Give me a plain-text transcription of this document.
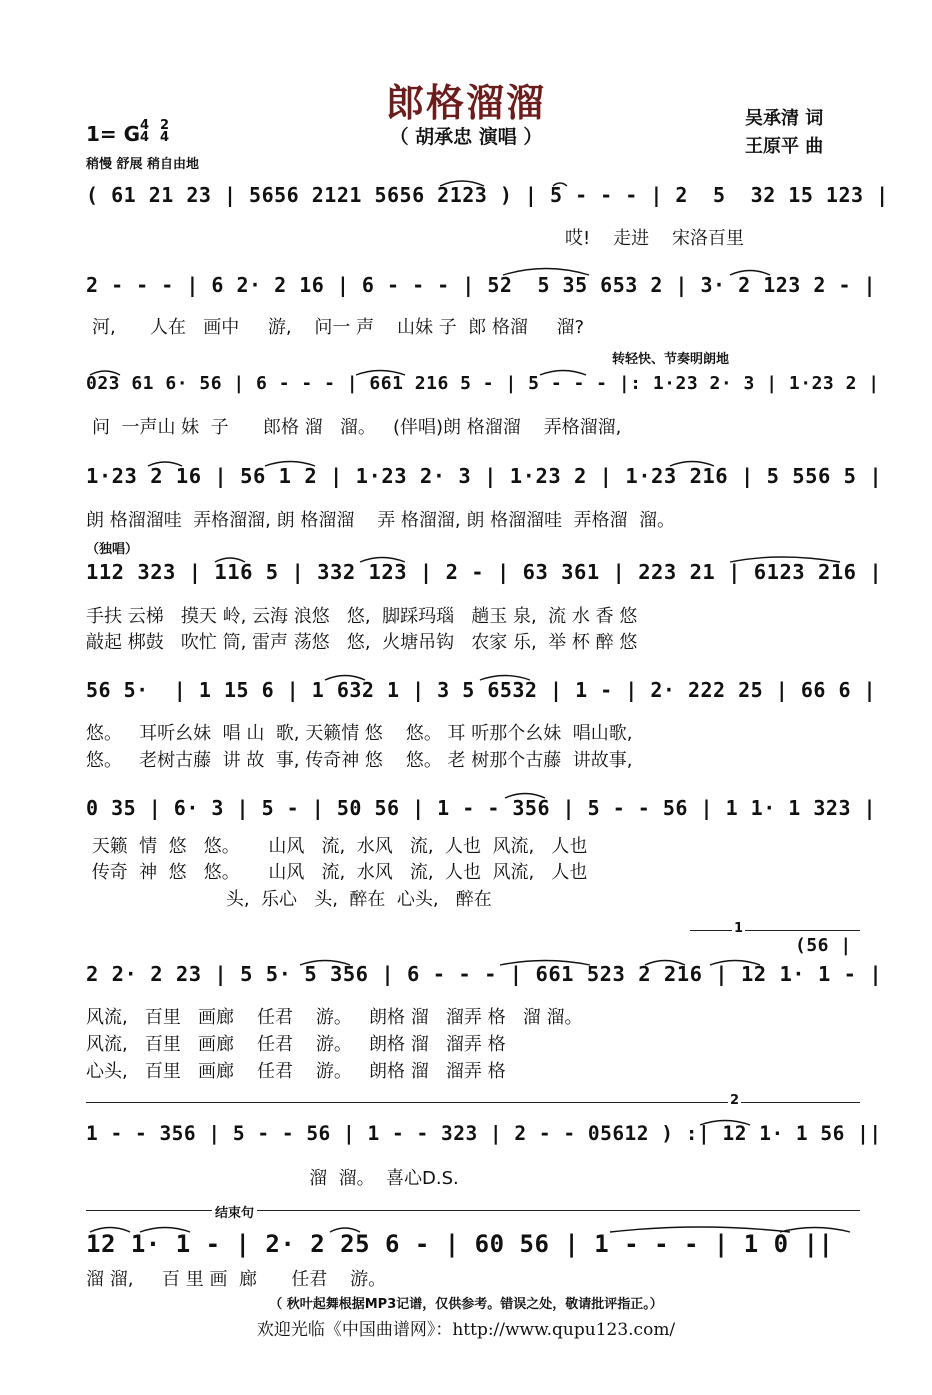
郎格溜溜
（ 胡承忠 演唱 ）
吴承清 词
王原平 曲
1= G 4
4
2
4
稍慢 舒展 稍自由地
( 61 21 23 | 5656 2121 5656 2123 ) | 5 - - - | 2  5  32 15 123 |
哎!    走进    宋洛百里
2 - - - | 6 2· 2 16 | 6 - - - | 52  5 35 653 2 | 3· 2 123 2 - |
河,      人在   画中     游,    问一 声    山妹 子  郎 格溜     溜?
转轻快、节奏明朗地
023 61 6· 56 | 6 - - - | 661 216 5 - | 5 - - - |: 1·23 2· 3 | 1·23 2 |
问  一声山 妹  子      郎格 溜   溜。   (伴唱)朗 格溜溜    弄格溜溜,
1·23 2 16 | 56 1 2 | 1·23 2· 3 | 1·23 2 | 1·23 216 | 5 556 5 |
朗 格溜溜哇  弄格溜溜, 朗 格溜溜    弄 格溜溜, 朗 格溜溜哇  弄格溜  溜。
（独唱）
112 323 | 116 5 | 332 123 | 2 - | 63 361 | 223 21 | 6123 216 |
手扶 云梯   摸天 岭, 云海 浪悠   悠,  脚踩玛瑙   趟玉 泉,  流 水 香 悠
敲起 梆鼓   吹忙 筒, 雷声 荡悠   悠,  火塘吊钩   农家 乐,  举 杯 醉 悠
56 5·  | 1 15 6 | 1 632 1 | 3 5 6532 | 1 - | 2· 222 25 | 66 6 |
悠。   耳听幺妹  唱 山  歌, 天籁情 悠    悠。 耳 听那个幺妹  唱山歌,
悠。   老树古藤  讲 故  事, 传奇神 悠    悠。 老 树那个古藤  讲故事,
0 35 | 6· 3 | 5 - | 50 56 | 1 - - 356 | 5 - - 56 | 1 1· 1 323 |
天籁  情  悠   悠。     山风   流,  水风   流,  人也  风流,   人也
传奇  神  悠   悠。     山风   流,  水风   流,  人也  风流,   人也
头,  乐心   头,  醉在  心头,   醉在
1
(56 |
2 2· 2 23 | 5 5· 5 356 | 6 - - - | 661 523 2 216 | 12 1· 1 - |
风流,   百里   画廊    任君    游。   朗格 溜   溜弄 格   溜 溜。
风流,   百里   画廊    任君    游。   朗格 溜   溜弄 格
心头,   百里   画廊    任君    游。   朗格 溜   溜弄 格
2
1 - - 356 | 5 - - 56 | 1 - - 323 | 2 - - 05612 ) :| 12 1· 1 56 ||
溜  溜。  喜心D.S.
结束句
12 1· 1 - | 2· 2 25 6 - | 60 56 | 1 - - - | 1 0 ||
溜 溜,     百 里 画  廊      任君    游。
（ 秋叶起舞根据MP3记谱，仅供参考。错误之处，敬请批评指正。）
欢迎光临《中国曲谱网》：http://www.qupu123.com/
